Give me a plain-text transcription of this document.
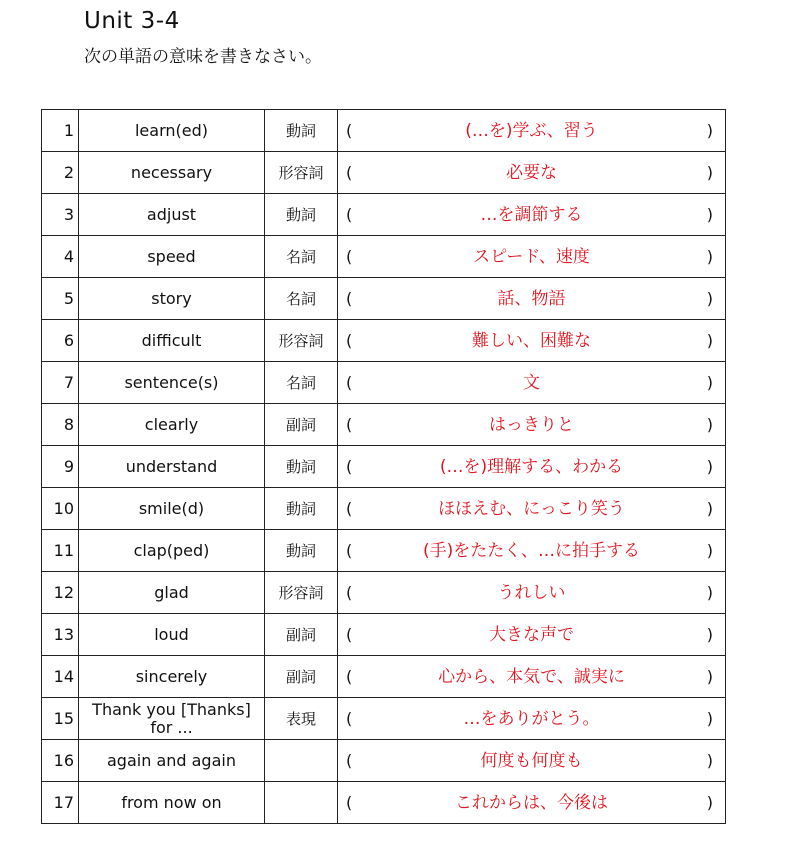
Unit 3-4
次の単語の意味を書きなさい。
1	learn(ed)	動詞	( (…を)学ぶ、習う )

2	necessary	形容詞	( 必要な )

3	adjust	動詞	( …を調節する )

4	speed	名詞	( スピード、速度 )

5	story	名詞	( 話、物語 )

6	difficult	形容詞	( 難しい、困難な )

7	sentence(s)	名詞	( 文 )

8	clearly	副詞	( はっきりと )

9	understand	動詞	( (…を)理解する、わかる )

10	smile(d)	動詞	( ほほえむ、にっこり笑う )

11	clap(ped)	動詞	( (手)をたたく、…に拍手する )

12	glad	形容詞	( うれしい )

13	loud	副詞	( 大きな声で )

14	sincerely	副詞	( 心から、本気で、誠実に )

15	Thank you [Thanks] for ...	表現	( …をありがとう。 )

16	again and again		( 何度も何度も )

17	from now on		( これからは、今後は )
